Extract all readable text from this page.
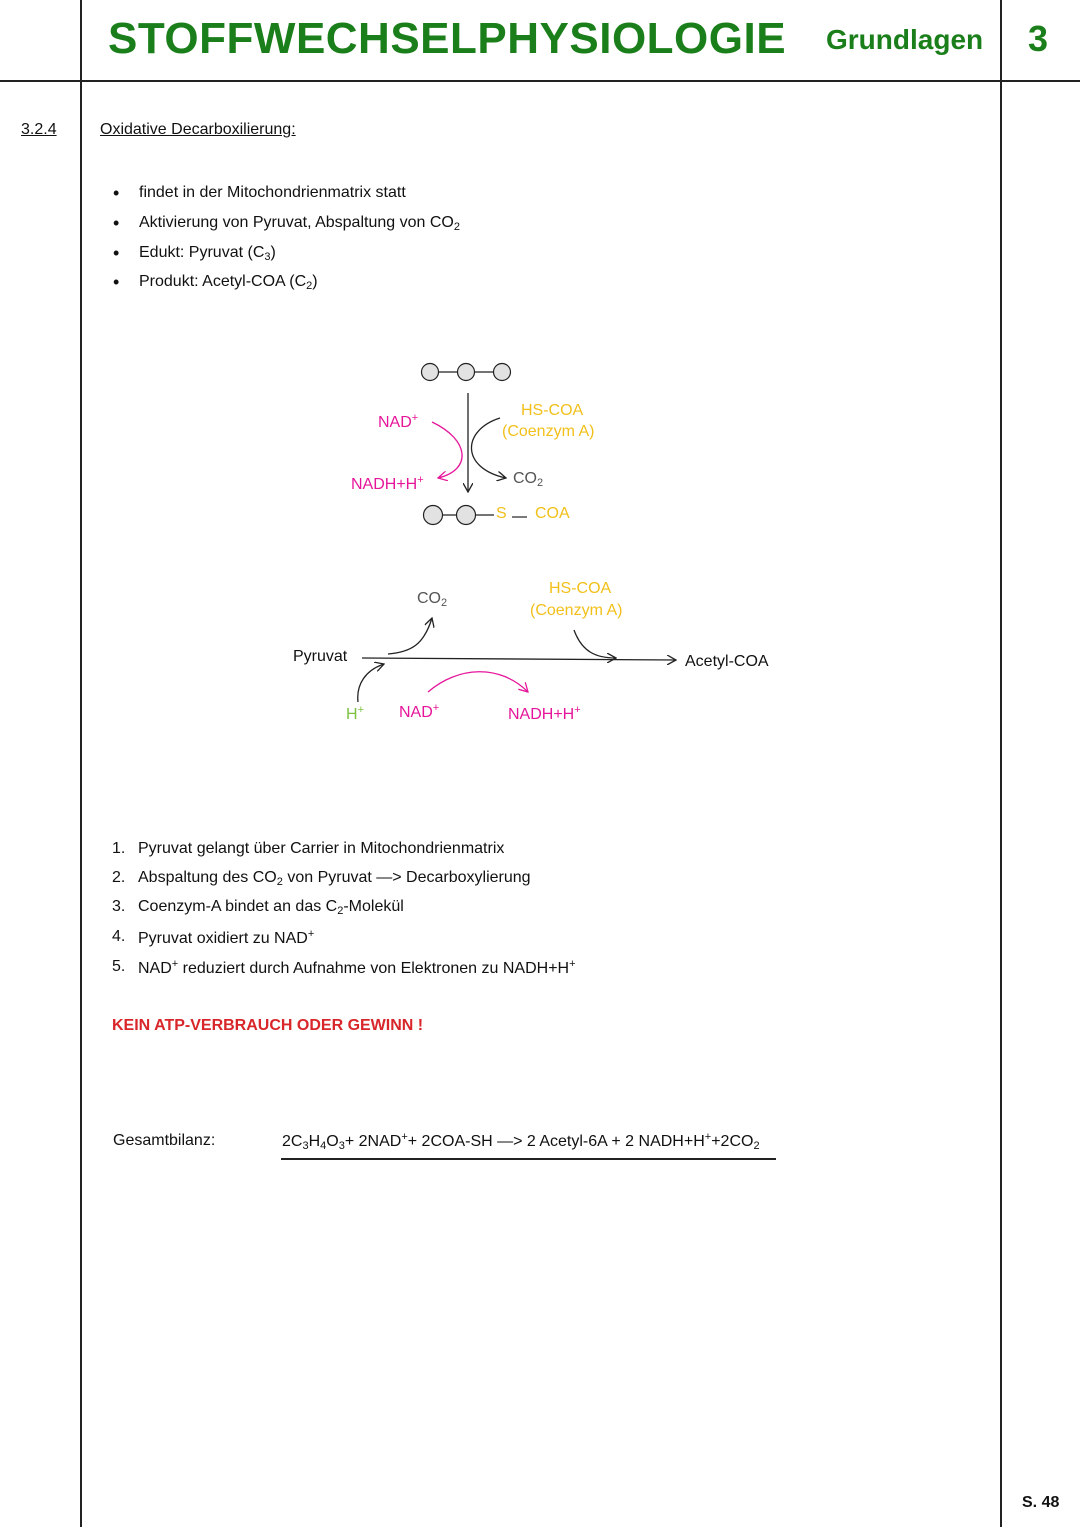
STOFFWECHSELPHYSIOLOGIE Grundlagen 3
3.2.4	Oxidative Decarboxilierung:
• findet in der Mitochondrienmatrix statt
• Aktivierung von Pyruvat, Abspaltung von $CO_2$
• Edukt: Pyruvat $(C_3)$
• Produkt: Acetyl-COA $(C_2)$
NAD+
NADH+H+
HS-COA
(Coenzym A)
$CO_2$
S COA
Pyruvat	Acetyl-COA
$CO_2$
HS-COA
(Coenzym A)
H+ NAD+	NADH+H+
1. Pyruvat gelangt über Carrier in Mitochondrienmatrix
2. Abspaltung des $CO_2$ von Pyruvat —> Decarboxylierung
3. Coenzym-A bindet an das $C_2$-Molekül
4. Pyruvat oxidiert zu NAD+
5. NAD+ reduziert durch Aufnahme von Elektronen zu NADH+H+
KEIN ATP-VERBRAUCH ODER GEWINN !
Gesamtbilanz:	$2C_3H_4O_3+ 2NAD^++ 2COA-SH$ —> 2 Acetyl-6A + 2 $NADH+H^++2CO_2$
S. 48
